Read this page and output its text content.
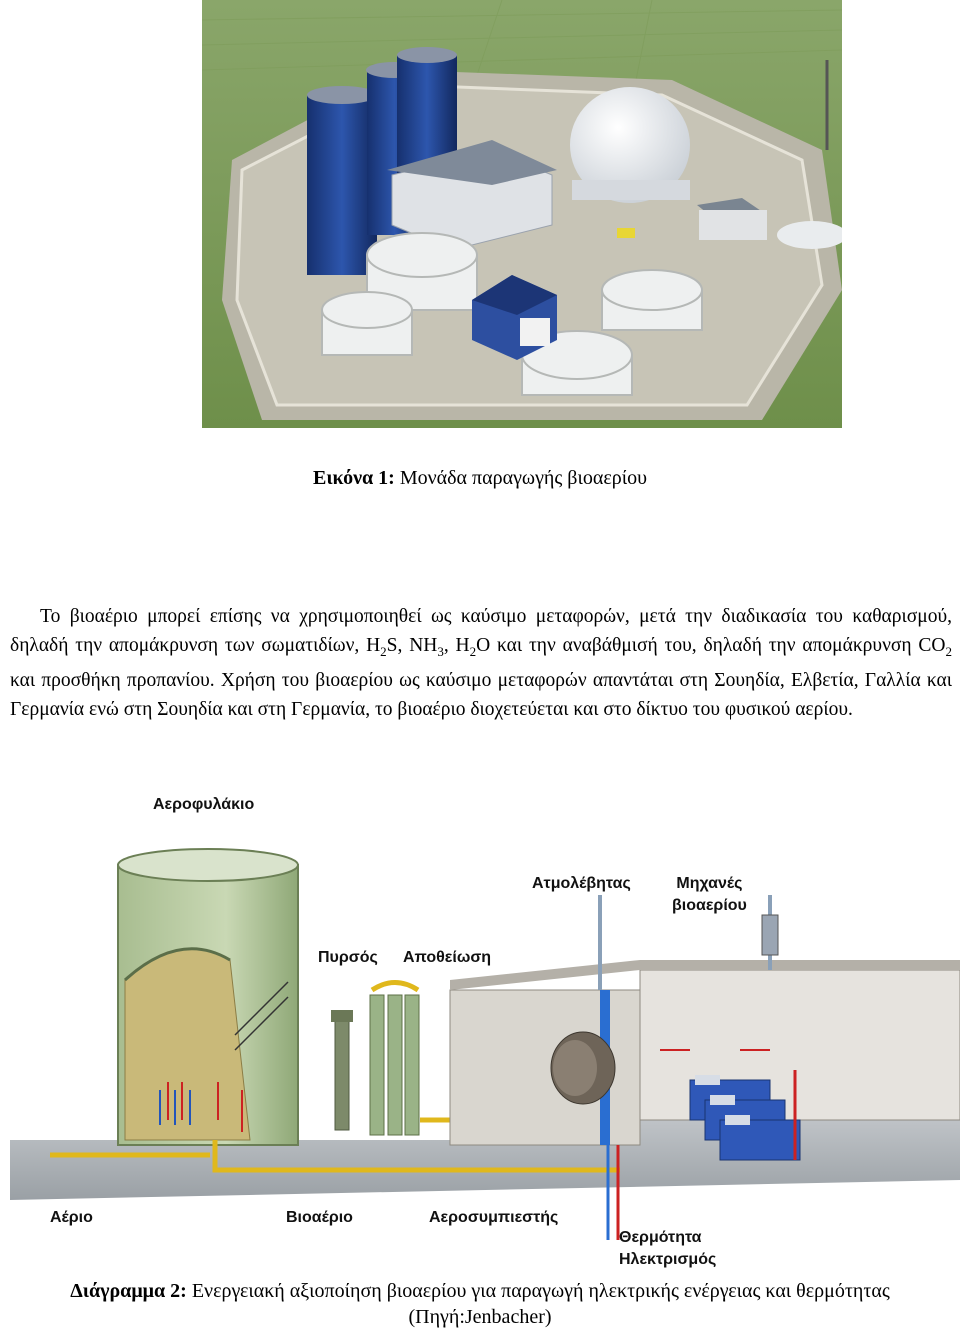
Εικόνα 1: Μονάδα παραγωγής βιοαερίου

Το βιοαέριο μπορεί επίσης να χρησιμοποιηθεί ως καύσιμο μεταφορών, μετά την διαδικασία του καθαρισμού, δηλαδή την απομάκρυνση των σωματιδίων, $H_2S$, $NH_3$, $H_2O$ και την αναβάθμισή του, δηλαδή την απομάκρυνση $CO_2$ και προσθήκη προπανίου. Χρήση του βιοαερίου ως καύσιμο μεταφορών απαντάται στη Σουηδία, Ελβετία, Γαλλία και Γερμανία ενώ στη Σουηδία και στη Γερμανία, το βιοαέριο διοχετεύεται και στο δίκτυο του φυσικού αερίου.

Αεροφυλάκιο
Ατμολέβητας	Μηχανές
βιοαερίου
Πυρσός Αποθείωση
Αέριο	Βιοαέριο	Αεροσυμπιεστής
Θερμότητα
Ηλεκτρισμός
Διάγραμμα 2: Ενεργειακή αξιοποίηση βιοαερίου για παραγωγή ηλεκτρικής ενέργειας και θερμότητας (Πηγή:Jenbacher)
